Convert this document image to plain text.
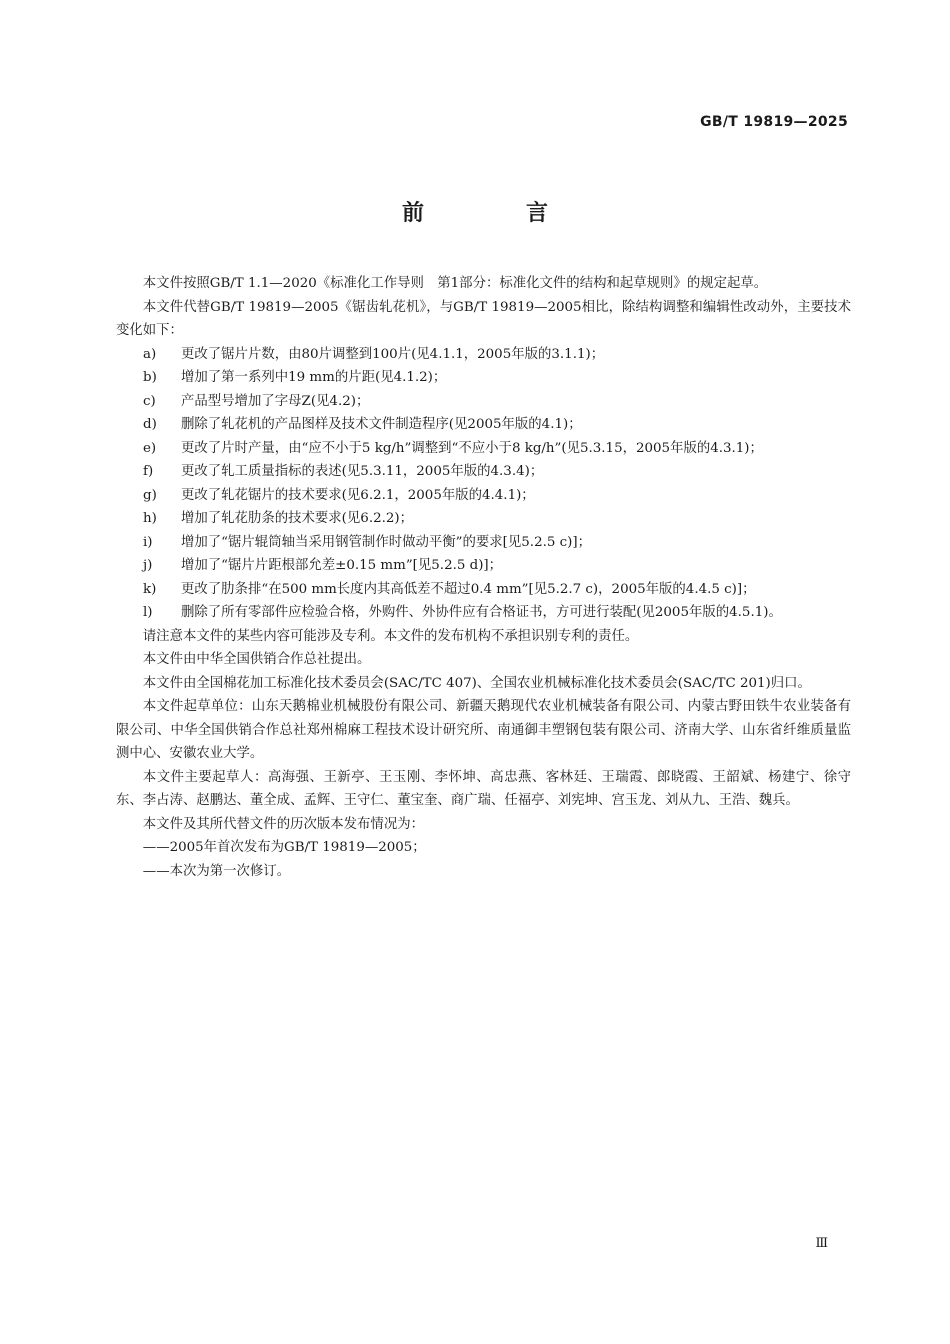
GB/T 19819—2025
前　言

本文件按照GB/T 1.1—2020《标准化工作导则　第1部分：标准化文件的结构和起草规则》的规定起草。

本文件代替GB/T 19819—2005《锯齿轧花机》，与GB/T 19819—2005相比，除结构调整和编辑性改动外，主要技术变化如下：

a)	更改了锯片片数，由80片调整到100片(见4.1.1，2005年版的3.1.1)；
b)	增加了第一系列中19 mm的片距(见4.1.2)；
c)	产品型号增加了字母Z(见4.2)；
d)	删除了轧花机的产品图样及技术文件制造程序(见2005年版的4.1)；
e)	更改了片时产量，由“应不小于5 kg/h”调整到“不应小于8 kg/h”(见5.3.15，2005年版的4.3.1)；
f)	更改了轧工质量指标的表述(见5.3.11，2005年版的4.3.4)；
g)	更改了轧花锯片的技术要求(见6.2.1，2005年版的4.4.1)；
h)	增加了轧花肋条的技术要求(见6.2.2)；
i)	增加了“锯片辊筒轴当采用钢管制作时做动平衡”的要求[见5.2.5 c)]；
j)	增加了“锯片片距根部允差±0.15 mm”[见5.2.5 d)]；
k)	更改了肋条排“在500 mm长度内其高低差不超过0.4 mm”[见5.2.7 c)，2005年版的4.4.5 c)]；
l)	删除了所有零部件应检验合格，外购件、外协件应有合格证书，方可进行装配(见2005年版的4.5.1)。

请注意本文件的某些内容可能涉及专利。本文件的发布机构不承担识别专利的责任。

本文件由中华全国供销合作总社提出。

本文件由全国棉花加工标准化技术委员会(SAC/TC 407)、全国农业机械标准化技术委员会(SAC/TC 201)归口。

本文件起草单位：山东天鹅棉业机械股份有限公司、新疆天鹅现代农业机械装备有限公司、内蒙古野田铁牛农业装备有限公司、中华全国供销合作总社郑州棉麻工程技术设计研究所、南通御丰塑钢包装有限公司、济南大学、山东省纤维质量监测中心、安徽农业大学。

本文件主要起草人：高海强、王新亭、王玉刚、李怀坤、高忠燕、客林廷、王瑞霞、郎晓霞、王韶斌、杨建宁、徐守东、李占涛、赵鹏达、董全成、孟辉、王守仁、董宝奎、商广瑞、任福亭、刘宪坤、宫玉龙、刘从九、王浩、魏兵。

本文件及其所代替文件的历次版本发布情况为：

——2005年首次发布为GB/T 19819—2005；

——本次为第一次修订。

Ⅲ
